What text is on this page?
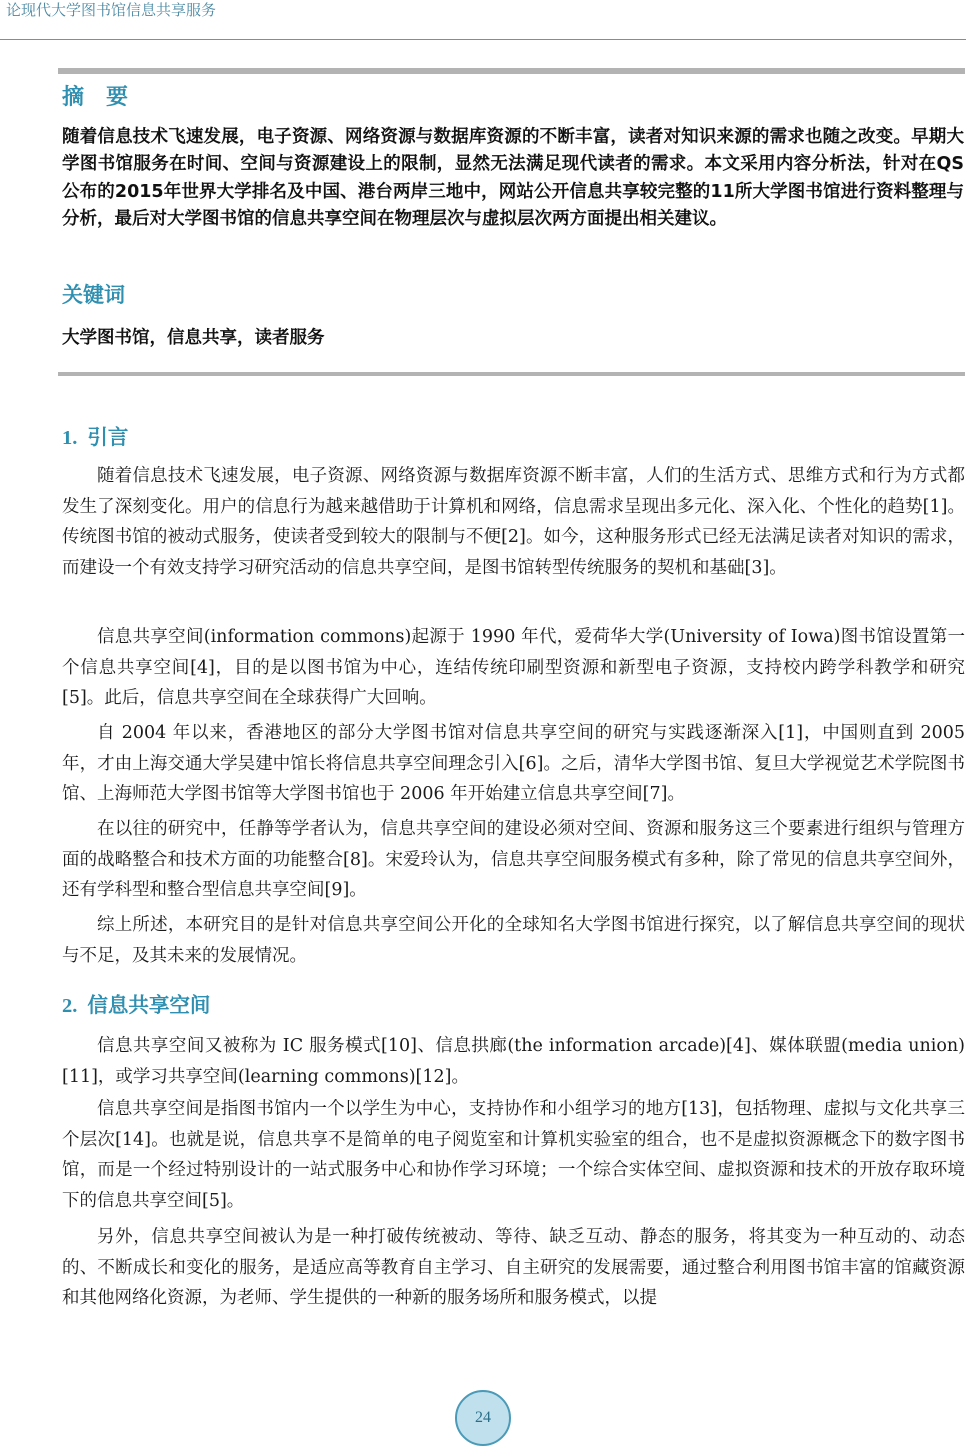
论现代大学图书馆信息共享服务
摘　要
随着信息技术飞速发展，电子资源、网络资源与数据库资源的不断丰富，读者对知识来源的需求也随之改变。早期大学图书馆服务在时间、空间与资源建设上的限制，显然无法满足现代读者的需求。本文采用内容分析法，针对在QS公布的2015年世界大学排名及中国、港台两岸三地中，网站公开信息共享较完整的11所大学图书馆进行资料整理与分析，最后对大学图书馆的信息共享空间在物理层次与虚拟层次两方面提出相关建议。
关键词
大学图书馆，信息共享，读者服务
1. 引言

随着信息技术飞速发展，电子资源、网络资源与数据库资源不断丰富，人们的生活方式、思维方式和行为方式都发生了深刻变化。用户的信息行为越来越借助于计算机和网络，信息需求呈现出多元化、深入化、个性化的趋势[1]。传统图书馆的被动式服务，使读者受到较大的限制与不便[2]。如今，这种服务形式已经无法满足读者对知识的需求，而建设一个有效支持学习研究活动的信息共享空间，是图书馆转型传统服务的契机和基础[3]。

信息共享空间(information commons)起源于 1990 年代，爱荷华大学(University of Iowa)图书馆设置第一个信息共享空间[4]，目的是以图书馆为中心，连结传统印刷型资源和新型电子资源，支持校内跨学科教学和研究[5]。此后，信息共享空间在全球获得广大回响。

自 2004 年以来，香港地区的部分大学图书馆对信息共享空间的研究与实践逐渐深入[1]，中国则直到 2005 年，才由上海交通大学吴建中馆长将信息共享空间理念引入[6]。之后，清华大学图书馆、复旦大学视觉艺术学院图书馆、上海师范大学图书馆等大学图书馆也于 2006 年开始建立信息共享空间[7]。

在以往的研究中，任静等学者认为，信息共享空间的建设必须对空间、资源和服务这三个要素进行组织与管理方面的战略整合和技术方面的功能整合[8]。宋爱玲认为，信息共享空间服务模式有多种，除了常见的信息共享空间外，还有学科型和整合型信息共享空间[9]。

综上所述，本研究目的是针对信息共享空间公开化的全球知名大学图书馆进行探究，以了解信息共享空间的现状与不足，及其未来的发展情况。

2. 信息共享空间

信息共享空间又被称为 IC 服务模式[10]、信息拱廊(the information arcade)[4]、媒体联盟(media union)[11]，或学习共享空间(learning commons)[12]。

信息共享空间是指图书馆内一个以学生为中心，支持协作和小组学习的地方[13]，包括物理、虚拟与文化共享三个层次[14]。也就是说，信息共享不是简单的电子阅览室和计算机实验室的组合，也不是虚拟资源概念下的数字图书馆，而是一个经过特别设计的一站式服务中心和协作学习环境；一个综合实体空间、虚拟资源和技术的开放存取环境下的信息共享空间[5]。

另外，信息共享空间被认为是一种打破传统被动、等待、缺乏互动、静态的服务，将其变为一种互动的、动态的、不断成长和变化的服务，是适应高等教育自主学习、自主研究的发展需要，通过整合利用图书馆丰富的馆藏资源和其他网络化资源，为老师、学生提供的一种新的服务场所和服务模式，以提

24
